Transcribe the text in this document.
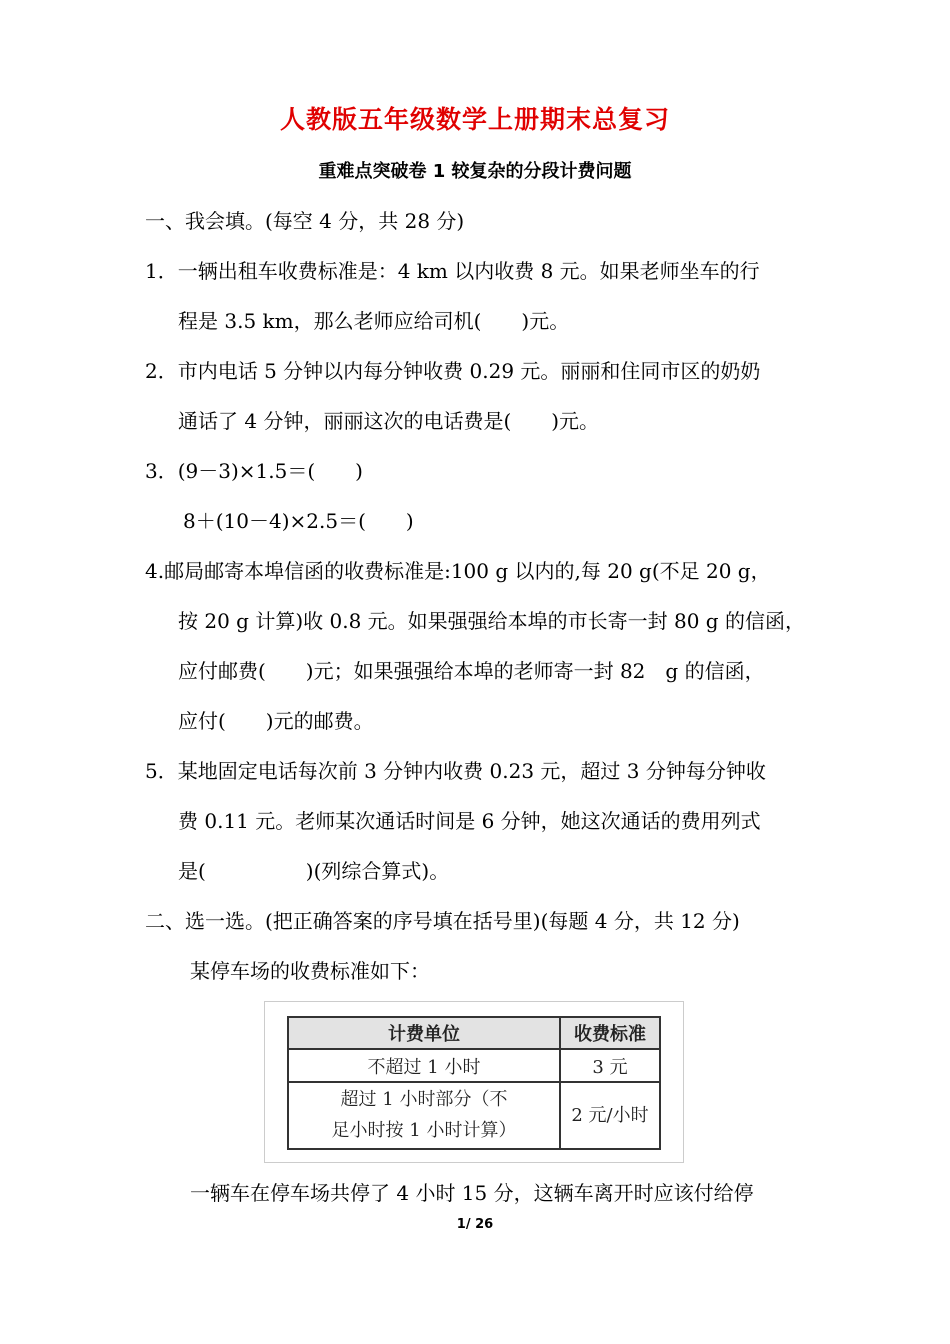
人教版五年级数学上册期末总复习
重难点突破卷 1 较复杂的分段计费问题
一、我会填。(每空 4 分，共 28 分)
1．一辆出租车收费标准是：4 km 以内收费 8 元。如果老师坐车的行
程是 3.5 km，那么老师应给司机(　　)元。
2．市内电话 5 分钟以内每分钟收费 0.29 元。丽丽和住同市区的奶奶
通话了 4 分钟，丽丽这次的电话费是(　　)元。
3．(9－3)×1.5＝(　　)
8＋(10－4)×2.5＝(　　)
4.邮局邮寄本埠信函的收费标准是:100 g 以内的,每 20 g(不足 20 g，
按 20 g 计算)收 0.8 元。如果强强给本埠的市长寄一封 80 g 的信函，
应付邮费(　　)元；如果强强给本埠的老师寄一封 82　g 的信函，
应付(　　)元的邮费。
5．某地固定电话每次前 3 分钟内收费 0.23 元，超过 3 分钟每分钟收
费 0.11 元。老师某次通话时间是 6 分钟，她这次通话的费用列式
是(　　　　　)(列综合算式)。
二、选一选。(把正确答案的序号填在括号里)(每题 4 分，共 12 分)
某停车场的收费标准如下：
计费单位	收费标准
不超过 1 小时	3 元

超过 1 小时部分（不
足小时按 1 小时计算）	2 元/小时
一辆车在停车场共停了 4 小时 15 分，这辆车离开时应该付给停
1/ 26
